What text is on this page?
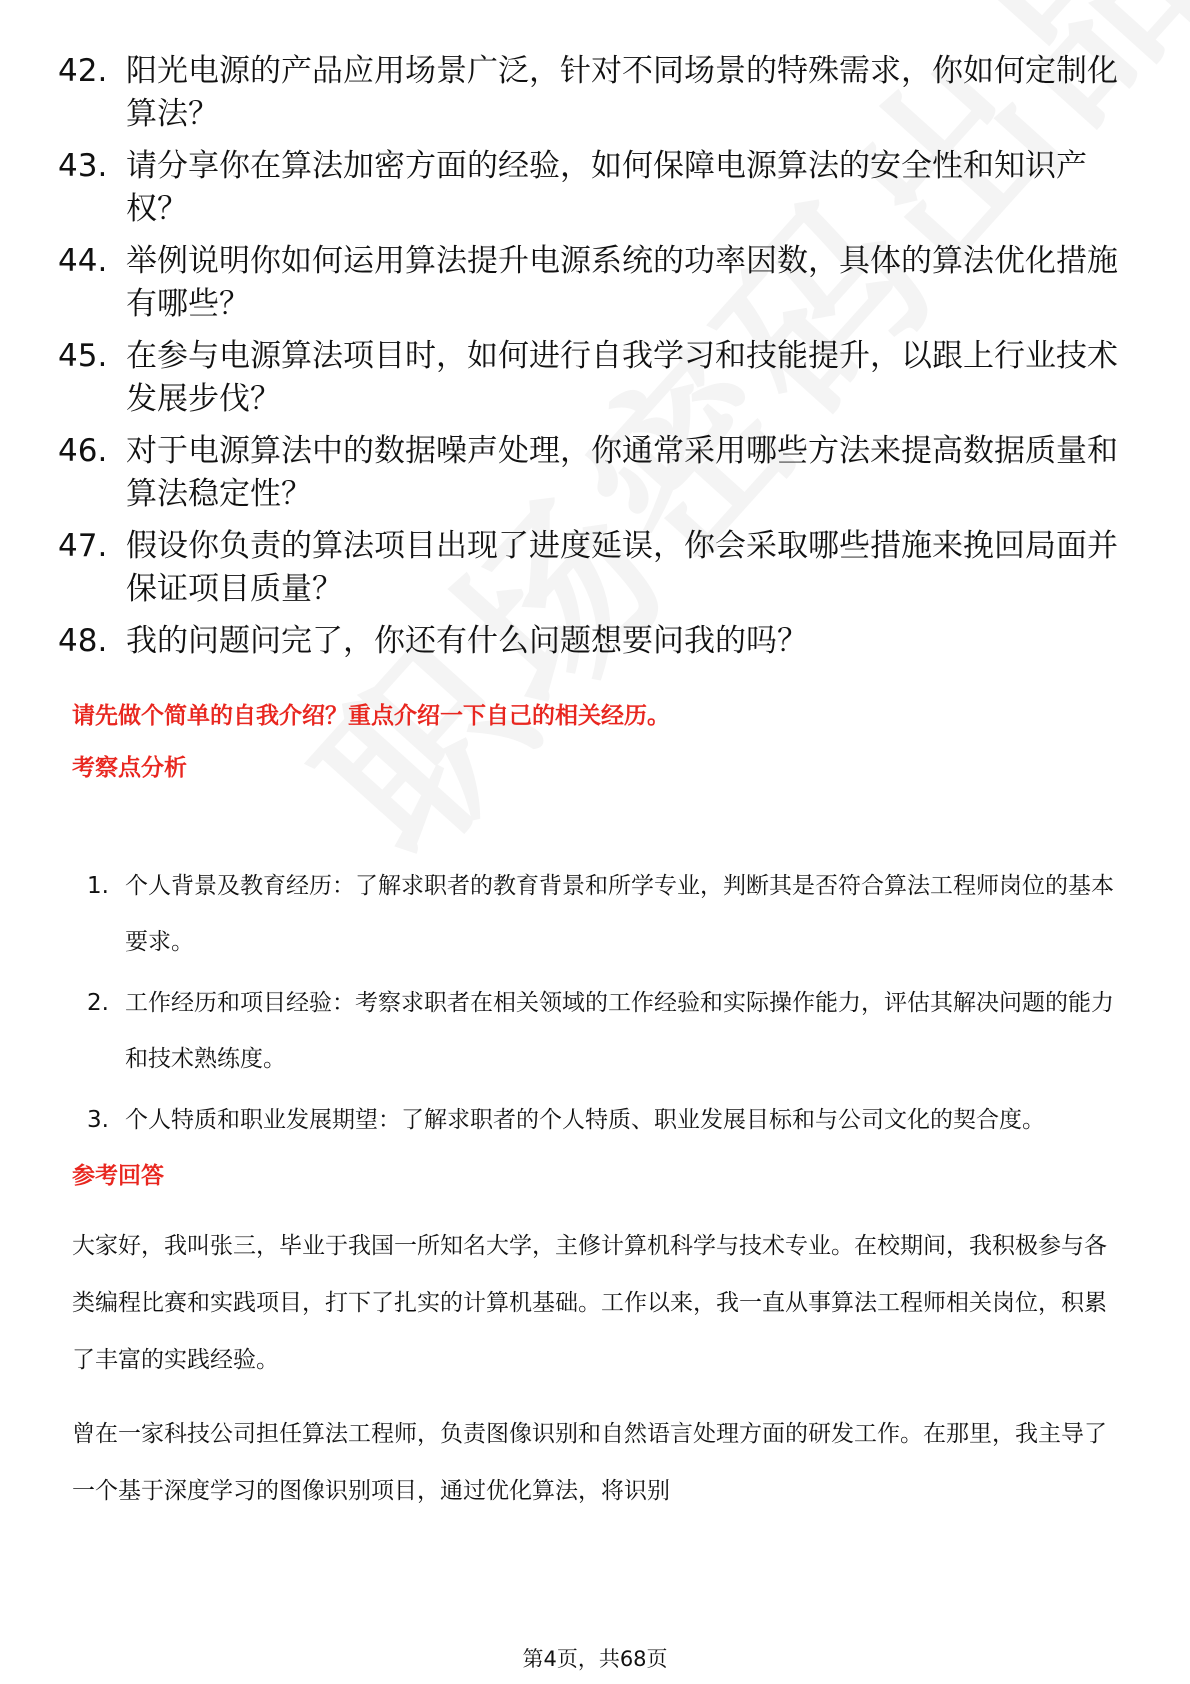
42. 阳光电源的产品应用场景广泛，针对不同场景的特殊需求，你如何定制化算法？
43. 请分享你在算法加密方面的经验，如何保障电源算法的安全性和知识产权？
44. 举例说明你如何运用算法提升电源系统的功率因数，具体的算法优化措施有哪些？
45. 在参与电源算法项目时，如何进行自我学习和技能提升，以跟上行业技术发展步伐？
46. 对于电源算法中的数据噪声处理，你通常采用哪些方法来提高数据质量和算法稳定性？
47. 假设你负责的算法项目出现了进度延误，你会采取哪些措施来挽回局面并保证项目质量？
48. 我的问题问完了，你还有什么问题想要问我的吗？
请先做个简单的自我介绍？重点介绍一下自己的相关经历。
考察点分析
1. 个人背景及教育经历：了解求职者的教育背景和所学专业，判断其是否符合算法工程师岗位的基本要求。
2. 工作经历和项目经验：考察求职者在相关领域的工作经验和实际操作能力，评估其解决问题的能力和技术熟练度。
3. 个人特质和职业发展期望：了解求职者的个人特质、职业发展目标和与公司文化的契合度。
参考回答

大家好，我叫张三，毕业于我国一所知名大学，主修计算机科学与技术专业。在校期间，我积极参与各类编程比赛和实践项目，打下了扎实的计算机基础。工作以来，我一直从事算法工程师相关岗位，积累了丰富的实践经验。

曾在一家科技公司担任算法工程师，负责图像识别和自然语言处理方面的研发工作。在那里，我主导了一个基于深度学习的图像识别项目，通过优化算法，将识别

第4页，共68页
